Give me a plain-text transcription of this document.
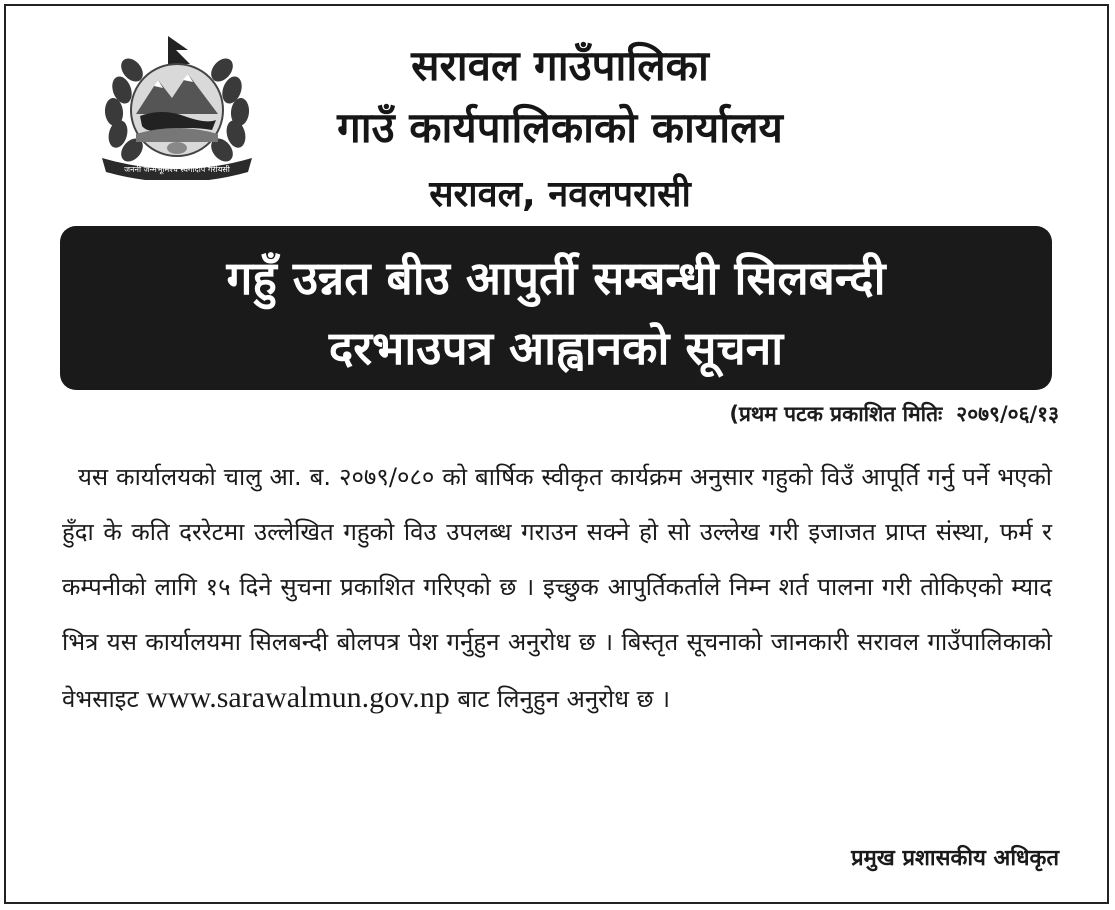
जननी जन्मभूमिश्च स्वर्गादपि गरीयसी
सरावल गाउँपालिका
गाउँ कार्यपालिकाको कार्यालय
सरावल, नवलपरासी
गहुँ उन्नत बीउ आपुर्ती सम्बन्धी सिलबन्दी
दरभाउपत्र आह्वानको सूचना
(प्रथम पटक प्रकाशित मितिः २०७९/०६/१३
यस कार्यालयको चालु आ. ब. २०७९/०८० को बार्षिक स्वीकृत कार्यक्रम अनुसार गहुको विउँ आपूर्ति गर्नु पर्ने भएको हुँदा के कति दररेटमा उल्लेखित गहुको विउ उपलब्ध गराउन सक्ने हो सो उल्लेख गरी इजाजत प्राप्त संस्था, फर्म र कम्पनीको लागि १५ दिने सुचना प्रकाशित गरिएको छ । इच्छुक आपुर्तिकर्ताले निम्न शर्त पालना गरी तोकिएको म्याद भित्र यस कार्यालयमा सिलबन्दी बोलपत्र पेश गर्नुहुन अनुरोध छ । बिस्तृत सूचनाको जानकारी सरावल गाउँपालिकाको वेभसाइट www.sarawalmun.gov.np बाट लिनुहुन अनुरोध छ ।
प्रमुख प्रशासकीय अधिकृत
